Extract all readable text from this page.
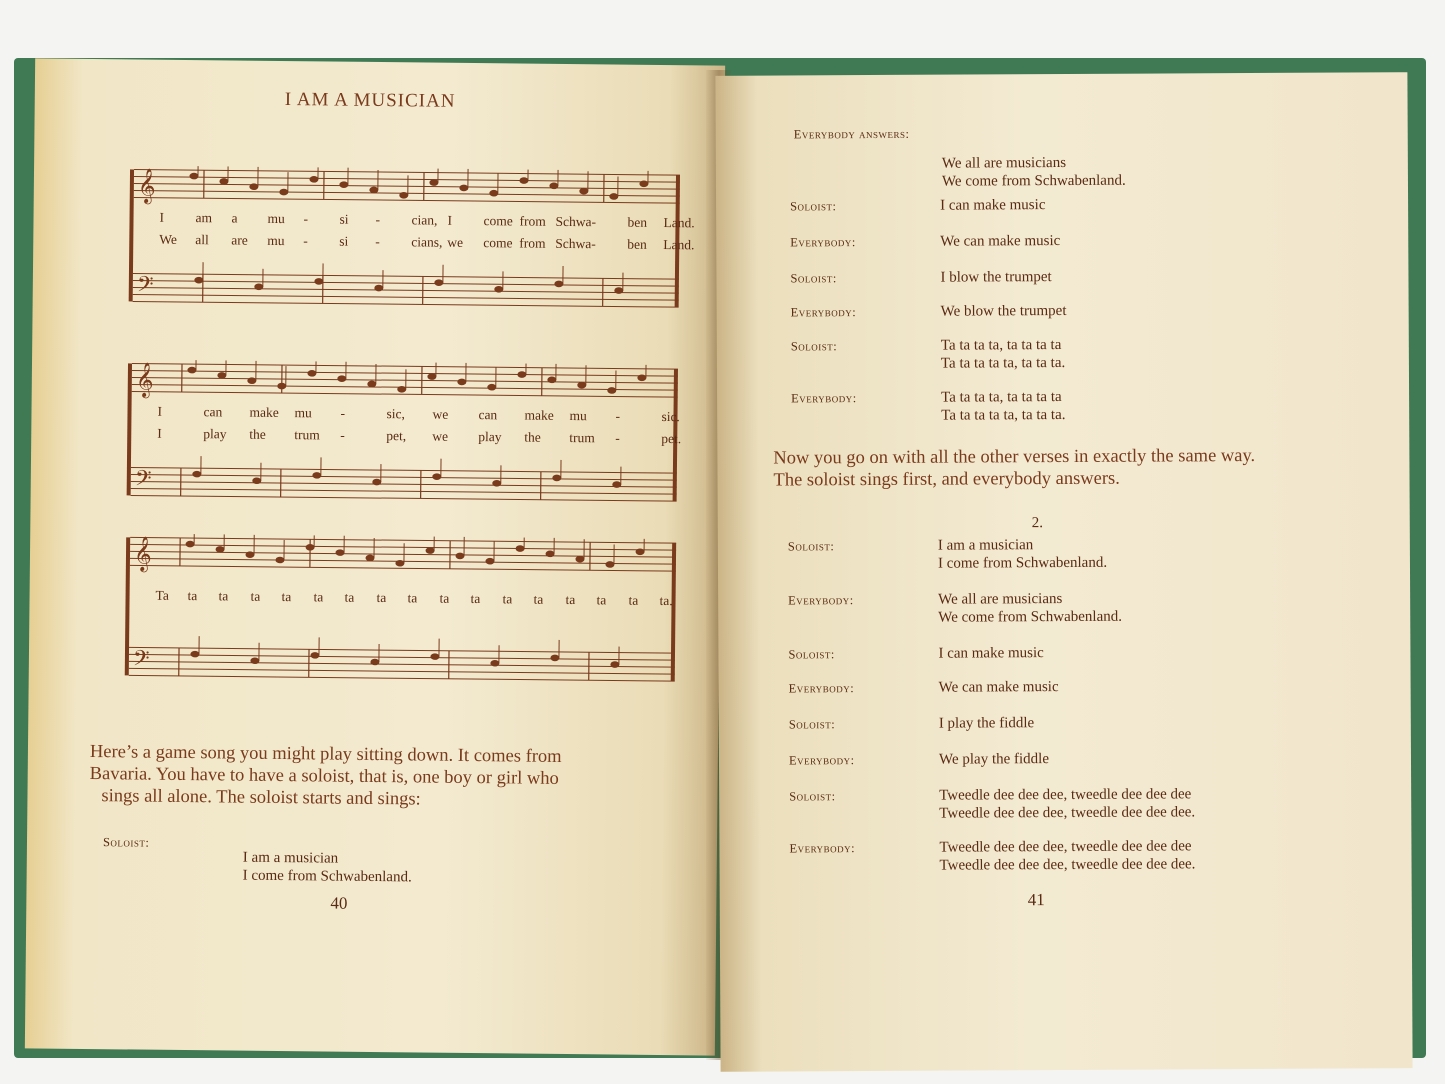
I AM A MUSICIAN
𝄞
𝄢
I am a mu - si - cian, I come from Schwa - ben Land.
We all are mu - si - cians, we come from Schwa - ben Land.
𝄞
𝄢
I	can make mu -	sic, we can make mu -	sic.
I	play the trum -	pet, we play the trum -	pet.
𝄞
𝄢
Ta ta ta ta ta ta ta ta ta ta ta ta ta ta ta ta ta.
Here’s a game song you might play sitting down. It comes from
Bavaria. You have to have a soloist, that is, one boy or girl who
sings all alone. The soloist starts and sings:
Soloist:
I am a musician
I come from Schwabenland.
40
Everybody answers:
We all are musicians
We come from Schwabenland.
Soloist:	I can make music
Everybody:	We can make music
Soloist:	I blow the trumpet
Everybody:	We blow the trumpet
Soloist:	Ta ta ta ta, ta ta ta ta
Ta ta ta ta ta, ta ta ta.
Everybody:	Ta ta ta ta, ta ta ta ta
Ta ta ta ta ta, ta ta ta.
Now you go on with all the other verses in exactly the same way.
The soloist sings first, and everybody answers.
2.
Soloist:	I am a musician
I come from Schwabenland.
Everybody:	We all are musicians
We come from Schwabenland.
Soloist:	I can make music
Everybody:	We can make music
Soloist:	I play the fiddle
Everybody:	We play the fiddle
Soloist:	Tweedle dee dee dee, tweedle dee dee dee
Tweedle dee dee dee, tweedle dee dee dee.
Everybody:	Tweedle dee dee dee, tweedle dee dee dee
Tweedle dee dee dee, tweedle dee dee dee.
41
